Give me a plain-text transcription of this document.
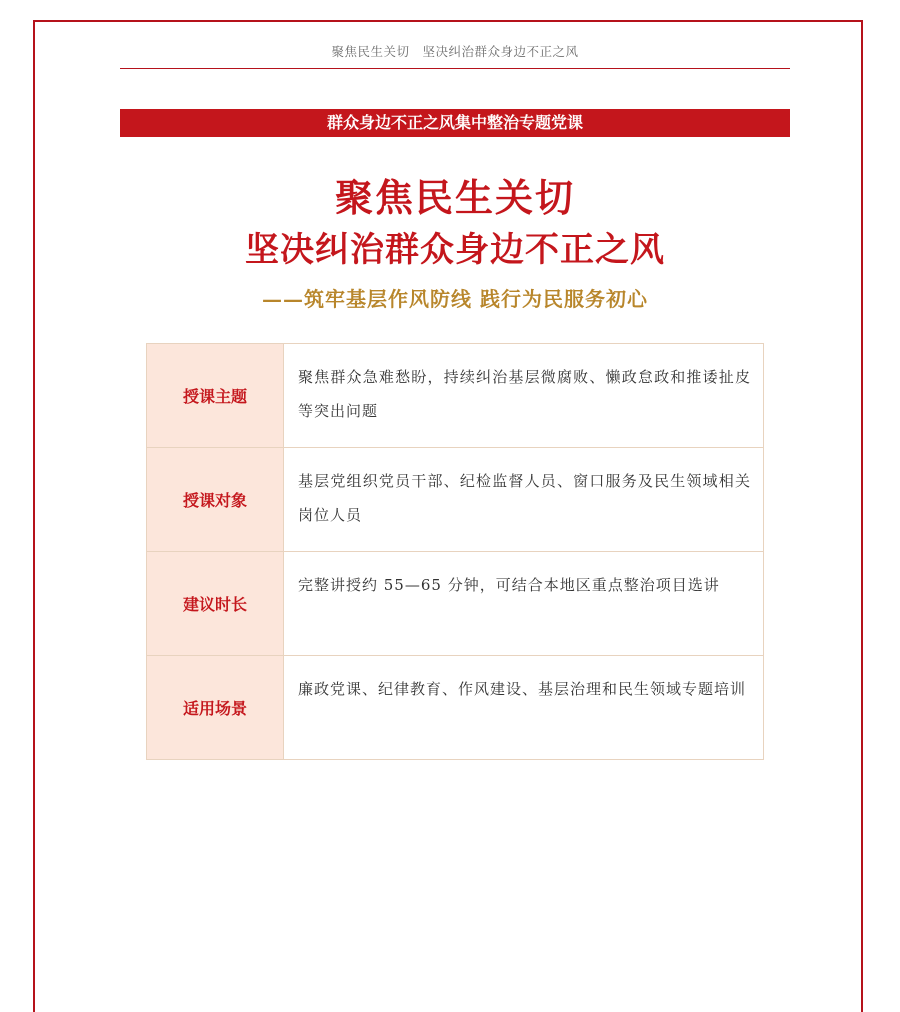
聚焦民生关切　坚决纠治群众身边不正之风
群众身边不正之风集中整治专题党课
聚焦民生关切
坚决纠治群众身边不正之风
——筑牢基层作风防线 践行为民服务初心
授课主题	聚焦群众急难愁盼，持续纠治基层微腐败、懒政怠政和推诿扯皮等突出问题
授课对象	基层党组织党员干部、纪检监督人员、窗口服务及民生领域相关岗位人员
建议时长	完整讲授约 55—65 分钟，可结合本地区重点整治项目选讲
适用场景	廉政党课、纪律教育、作风建设、基层治理和民生领域专题培训
